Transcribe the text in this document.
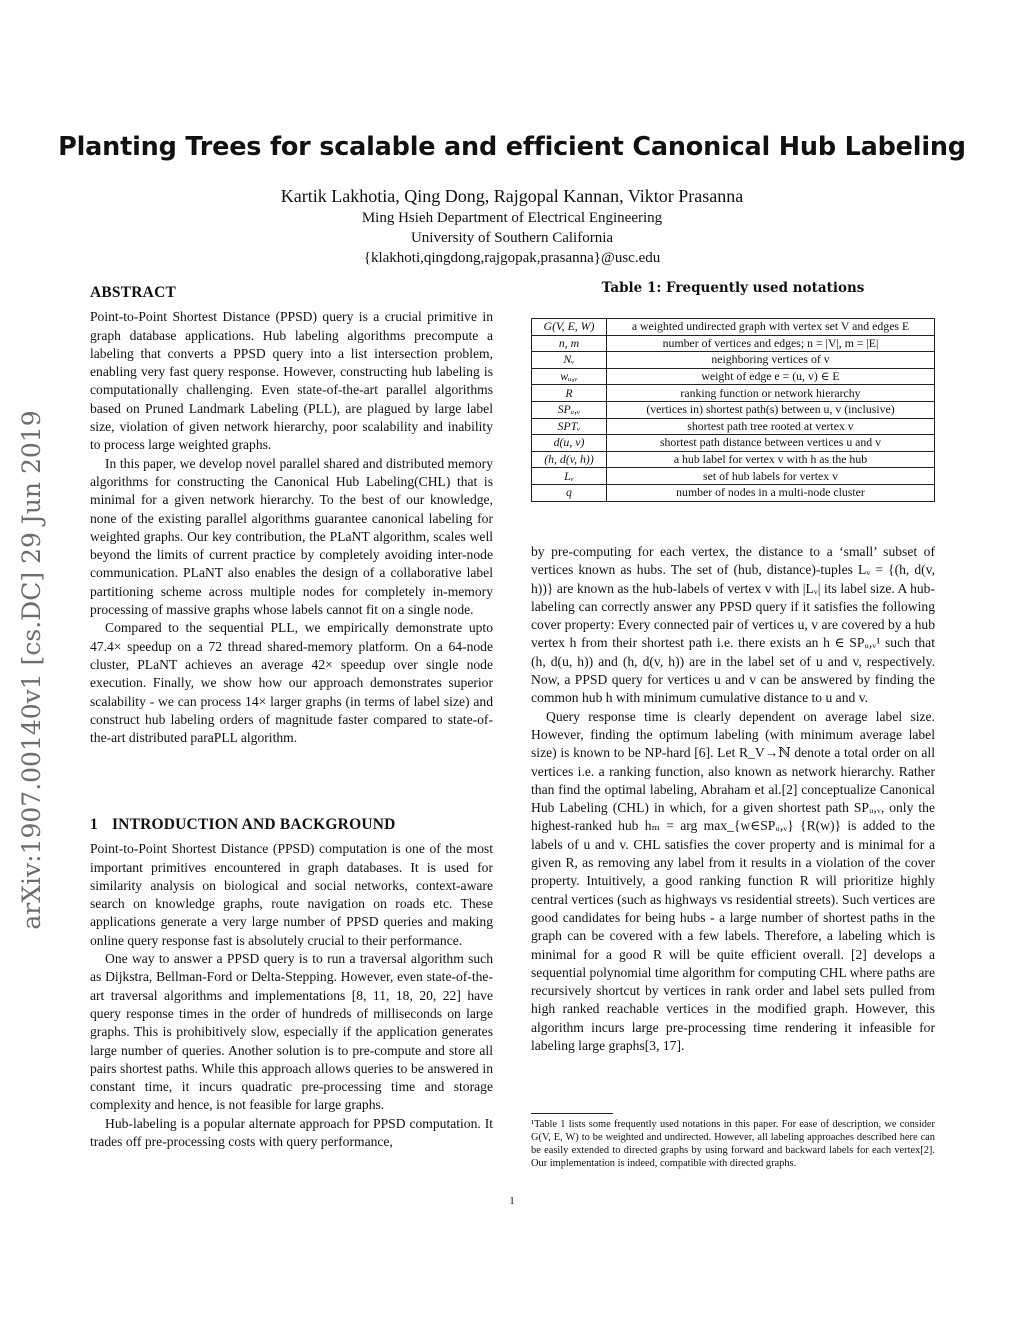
arXiv:1907.00140v1 [cs.DC] 29 Jun 2019
Planting Trees for scalable and efficient Canonical Hub Labeling
Kartik Lakhotia, Qing Dong, Rajgopal Kannan, Viktor Prasanna
Ming Hsieh Department of Electrical Engineering
University of Southern California
{klakhoti,qingdong,rajgopak,prasanna}@usc.edu
ABSTRACT

Point-to-Point Shortest Distance (PPSD) query is a crucial primitive in graph database applications. Hub labeling algorithms precompute a labeling that converts a PPSD query into a list intersection problem, enabling very fast query response. However, constructing hub labeling is computationally challenging. Even state-of-the-art parallel algorithms based on Pruned Landmark Labeling (PLL), are plagued by large label size, violation of given network hierarchy, poor scalability and inability to process large weighted graphs.

In this paper, we develop novel parallel shared and distributed memory algorithms for constructing the Canonical Hub Labeling(CHL) that is minimal for a given network hierarchy. To the best of our knowledge, none of the existing parallel algorithms guarantee canonical labeling for weighted graphs. Our key contribution, the PLaNT algorithm, scales well beyond the limits of current practice by completely avoiding inter-node communication. PLaNT also enables the design of a collaborative label partitioning scheme across multiple nodes for completely in-memory processing of massive graphs whose labels cannot fit on a single node.

Compared to the sequential PLL, we empirically demonstrate upto 47.4× speedup on a 72 thread shared-memory platform. On a 64-node cluster, PLaNT achieves an average 42× speedup over single node execution. Finally, we show how our approach demonstrates superior scalability - we can process 14× larger graphs (in terms of label size) and construct hub labeling orders of magnitude faster compared to state-of-the-art distributed paraPLL algorithm.

1 INTRODUCTION AND BACKGROUND

Point-to-Point Shortest Distance (PPSD) computation is one of the most important primitives encountered in graph databases. It is used for similarity analysis on biological and social networks, context-aware search on knowledge graphs, route navigation on roads etc. These applications generate a very large number of PPSD queries and making online query response fast is absolutely crucial to their performance.

One way to answer a PPSD query is to run a traversal algorithm such as Dijkstra, Bellman-Ford or Delta-Stepping. However, even state-of-the-art traversal algorithms and implementations [8, 11, 18, 20, 22] have query response times in the order of hundreds of milliseconds on large graphs. This is prohibitively slow, especially if the application generates large number of queries. Another solution is to pre-compute and store all pairs shortest paths. While this approach allows queries to be answered in constant time, it incurs quadratic pre-processing time and storage complexity and hence, is not feasible for large graphs.

Hub-labeling is a popular alternate approach for PPSD computation. It trades off pre-processing costs with query performance,

Table 1: Frequently used notations
G(V, E, W)	a weighted undirected graph with vertex set V and edges E
n, m	number of vertices and edges; n = |V|, m = |E|
Nᵥ	neighboring vertices of v
wᵤ,ᵥ	weight of edge e = (u, v) ∈ E
R	ranking function or network hierarchy
SPᵤ,ᵥ	(vertices in) shortest path(s) between u, v (inclusive)
SPTᵥ	shortest path tree rooted at vertex v
d(u, v)	shortest path distance between vertices u and v
(h, d(v, h))	a hub label for vertex v with h as the hub
Lᵥ	set of hub labels for vertex v
q	number of nodes in a multi-node cluster

by pre-computing for each vertex, the distance to a ‘small’ subset of vertices known as hubs. The set of (hub, distance)-tuples Lᵥ = {(h, d(v, h))} are known as the hub-labels of vertex v with |Lᵥ| its label size. A hub-labeling can correctly answer any PPSD query if it satisfies the following cover property: Every connected pair of vertices u, v are covered by a hub vertex h from their shortest path i.e. there exists an h ∈ SPᵤ,ᵥ¹ such that (h, d(u, h)) and (h, d(v, h)) are in the label set of u and v, respectively. Now, a PPSD query for vertices u and v can be answered by finding the common hub h with minimum cumulative distance to u and v.

Query response time is clearly dependent on average label size. However, finding the optimum labeling (with minimum average label size) is known to be NP-hard [6]. Let R_V→ℕ denote a total order on all vertices i.e. a ranking function, also known as network hierarchy. Rather than find the optimal labeling, Abraham et al.[2] conceptualize Canonical Hub Labeling (CHL) in which, for a given shortest path SPᵤ,ᵥ, only the highest-ranked hub hₘ = arg max_{w∈SPᵤ,ᵥ} {R(w)} is added to the labels of u and v. CHL satisfies the cover property and is minimal for a given R, as removing any label from it results in a violation of the cover property. Intuitively, a good ranking function R will prioritize highly central vertices (such as highways vs residential streets). Such vertices are good candidates for being hubs - a large number of shortest paths in the graph can be covered with a few labels. Therefore, a labeling which is minimal for a good R will be quite efficient overall. [2] develops a sequential polynomial time algorithm for computing CHL where paths are recursively shortcut by vertices in rank order and label sets pulled from high ranked reachable vertices in the modified graph. However, this algorithm incurs large pre-processing time rendering it infeasible for labeling large graphs[3, 17].

¹Table 1 lists some frequently used notations in this paper. For ease of description, we consider G(V, E, W) to be weighted and undirected. However, all labeling approaches described here can be easily extended to directed graphs by using forward and backward labels for each vertex[2]. Our implementation is indeed, compatible with directed graphs.
1
